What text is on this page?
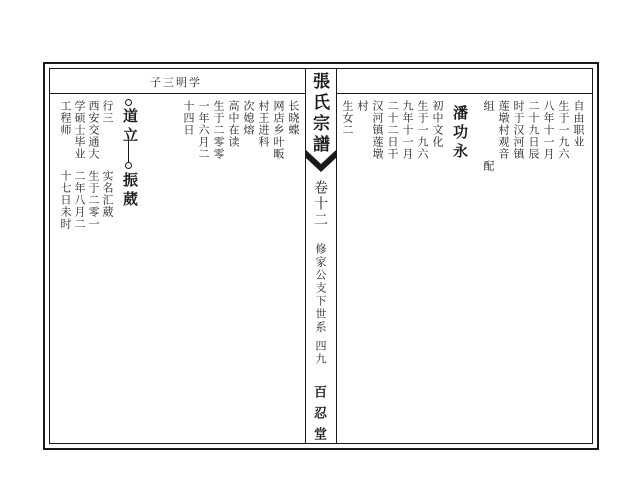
子三明学	張氏宗譜
卷十二
修家公支下世系
四九
百忍堂
道立
振葳
行三
西安交通大
学硕士毕业
工程师
实名汇葳
生于二零一
二年八月二
十七日未时
长晓蝶
网店乡叶畈
村王进科
次媳熔
高中在读
生于二零零
一年六月二
十四日	自由职业
生于一九六
八年十一月
二十九日辰
时于汉河镇
莲墩村观音
组
配
潘功永
初中文化
生于一九六
九年十一月
二十二日干
汉河镇莲墩
村
生女二
